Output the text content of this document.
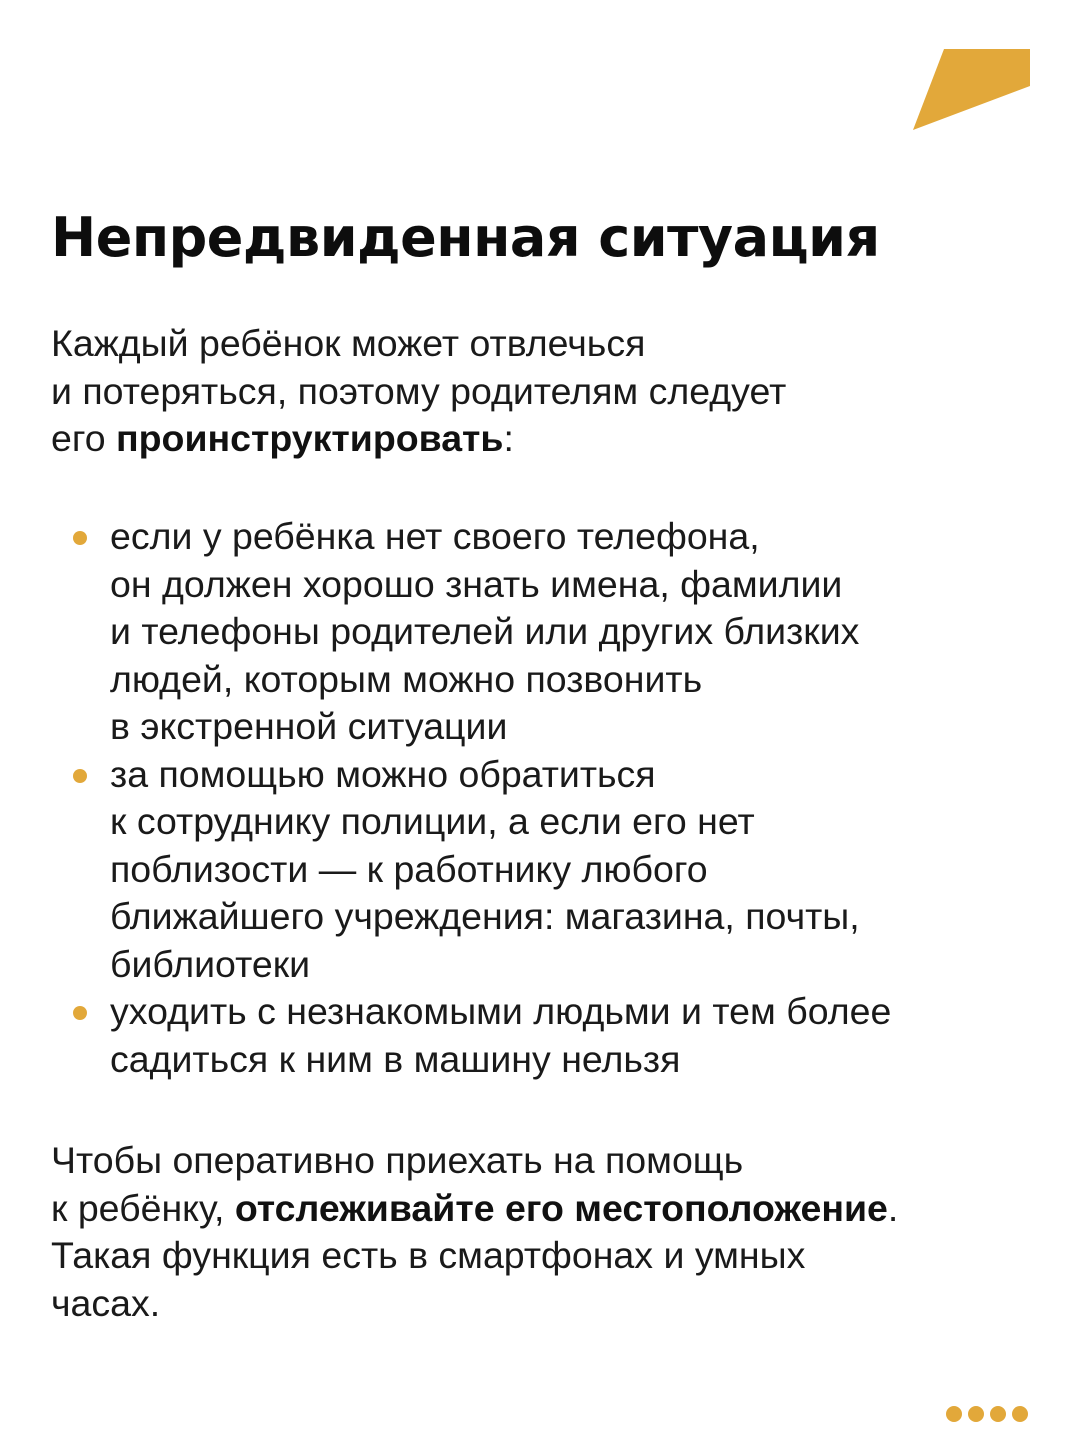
Непредвиденная ситуация

Каждый ребёнок может отвлечься
и потеряться, поэтому родителям следует
его проинструктировать:

если у ребёнка нет своего телефона,
он должен хорошо знать имена, фамилии
и телефоны родителей или других близких
людей, которым можно позвонить
в экстренной ситуации
за помощью можно обратиться
к сотруднику полиции, а если его нет
поблизости — к работнику любого
ближайшего учреждения: магазина, почты,
библиотеки
уходить с незнакомыми людьми и тем более
садиться к ним в машину нельзя

Чтобы оперативно приехать на помощь
к ребёнку, отслеживайте его местоположение.
Такая функция есть в смартфонах и умных
часах.
